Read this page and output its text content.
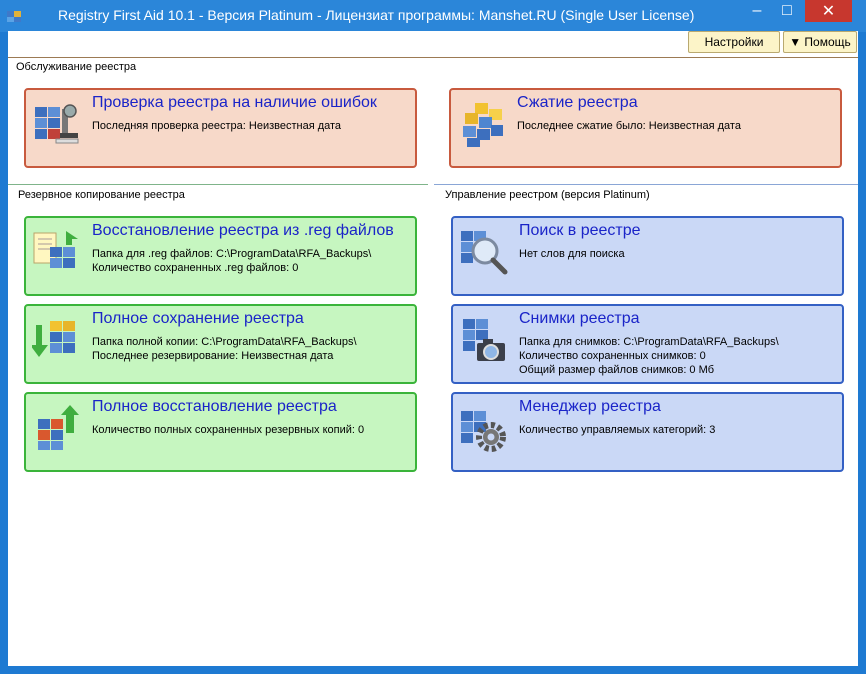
Registry First Aid 10.1 - Версия Platinum - Лицензиат программы: Manshet.RU (Single User License)	–	□	✕
Настройки	▼ Помощь
Обслуживание реестра
Проверка реестра на наличие ошибок
Последняя проверка реестра: Неизвестная дата
Сжатие реестра
Последнее сжатие было: Неизвестная дата
Резервное копирование реестра	Управление реестром (версия Platinum)
Восстановление реестра из .reg файлов
Папка для .reg файлов: C:\ProgramData\RFA_Backups\
Количество сохраненных .reg файлов: 0
Полное сохранение реестра
Папка полной копии: C:\ProgramData\RFA_Backups\
Последнее резервирование: Неизвестная дата
Полное восстановление реестра
Количество полных сохраненных резервных копий: 0
Поиск в реестре
Нет слов для поиска
Снимки реестра
Папка для снимков: C:\ProgramData\RFA_Backups\
Количество сохраненных снимков: 0
Общий размер файлов снимков: 0 Мб
Менеджер реестра
Количество управляемых категорий: 3
